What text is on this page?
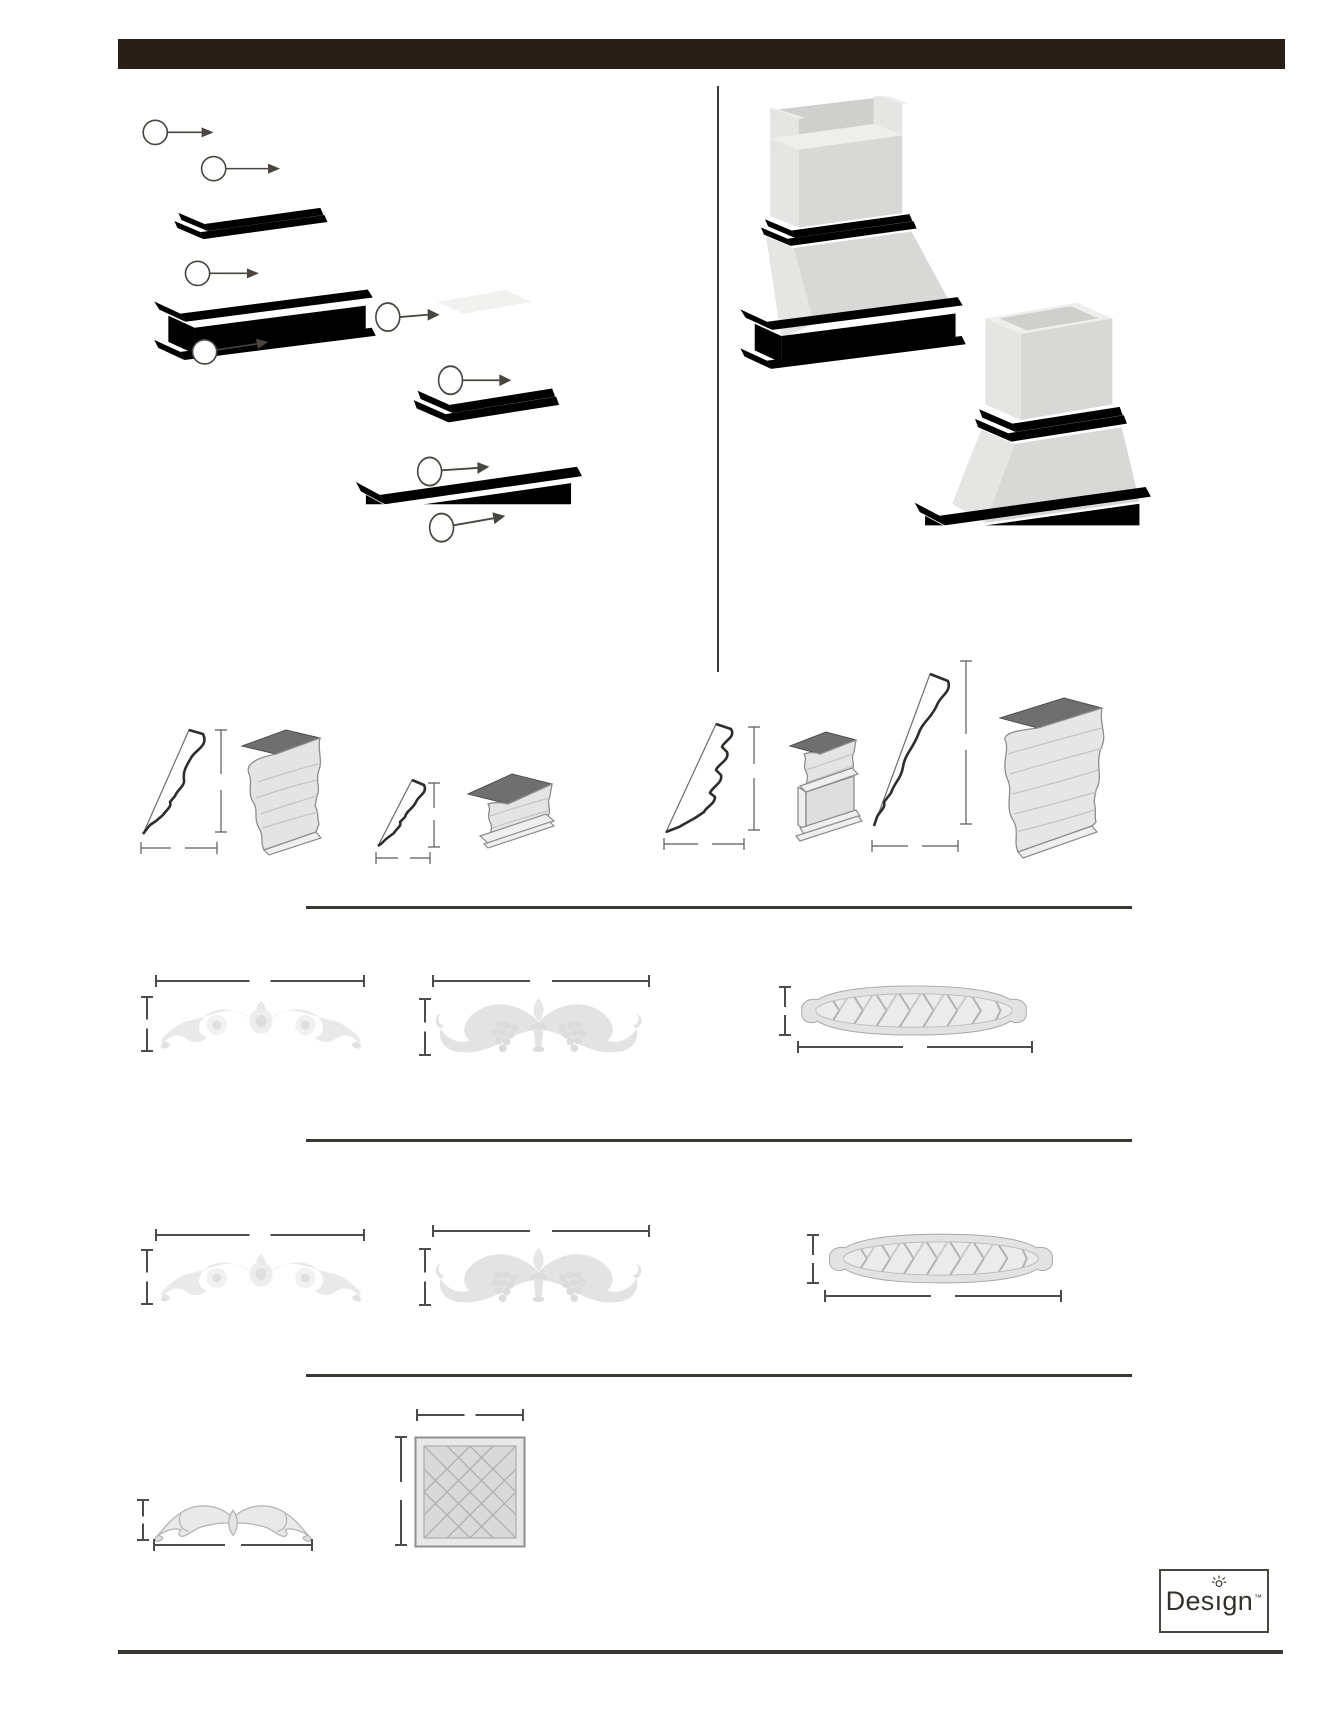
Des ı gn ™
